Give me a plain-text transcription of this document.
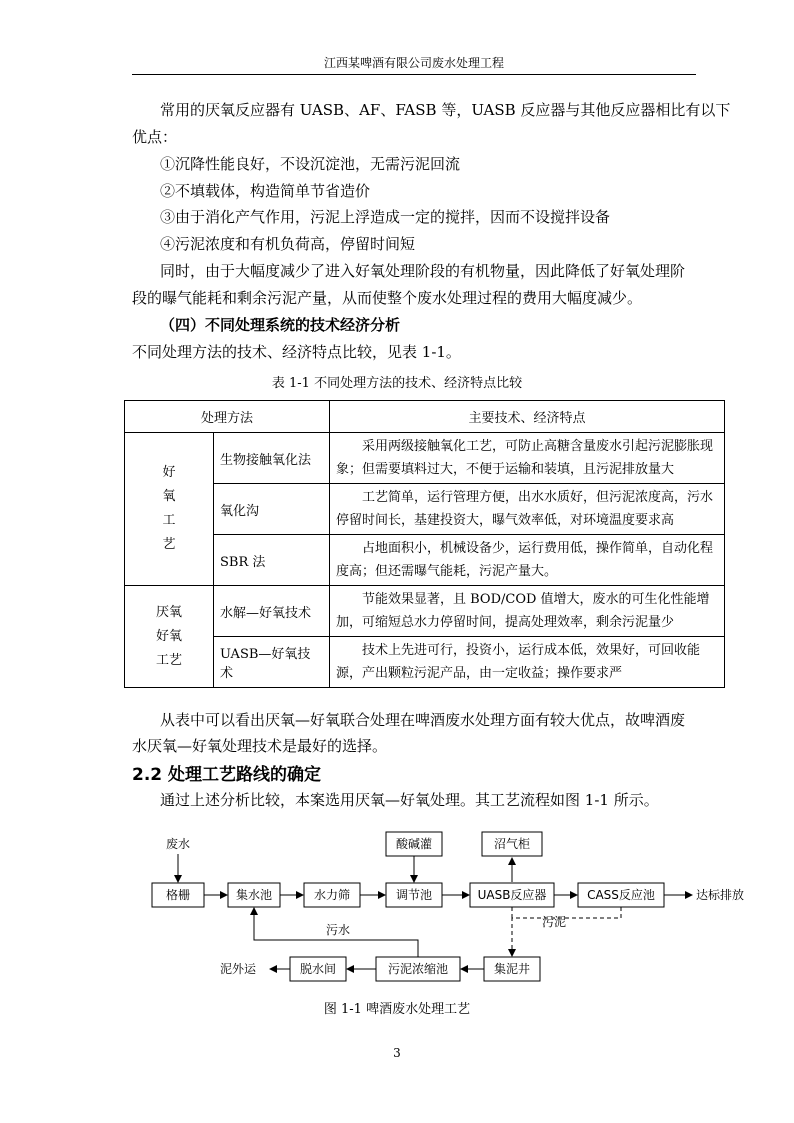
江西某啤酒有限公司废水处理工程
常用的厌氧反应器有 UASB、AF、FASB 等，UASB 反应器与其他反应器相比有以下
优点：
①沉降性能良好，不设沉淀池，无需污泥回流
②不填载体，构造简单节省造价
③由于消化产气作用，污泥上浮造成一定的搅拌，因而不设搅拌设备
④污泥浓度和有机负荷高，停留时间短
同时，由于大幅度减少了进入好氧处理阶段的有机物量，因此降低了好氧处理阶
段的曝气能耗和剩余污泥产量，从而使整个废水处理过程的费用大幅度减少。
（四）不同处理系统的技术经济分析
不同处理方法的技术、经济特点比较，见表 1-1。
表 1-1 不同处理方法的技术、经济特点比较
处理方法		主要技术、经济特点
好氧工艺	生物接触氧化法	采用两级接触氧化工艺，可防止高糖含量废水引起污泥膨胀现象；但需要填料过大，不便于运输和装填，且污泥排放量大
	氧化沟	工艺简单，运行管理方便，出水水质好，但污泥浓度高，污水停留时间长，基建投资大，曝气效率低，对环境温度要求高
	SBR 法	占地面积小，机械设备少，运行费用低，操作简单，自动化程度高；但还需曝气能耗，污泥产量大。
厌氧好氧工艺	水解—好氧技术	节能效果显著，且 BOD/COD 值增大，废水的可生化性能增加，可缩短总水力停留时间，提高处理效率，剩余污泥量少
	UASB—好氧技术	技术上先进可行，投资小，运行成本低，效果好，可回收能源，产出颗粒污泥产品，由一定收益；操作要求严
从表中可以看出厌氧—好氧联合处理在啤酒废水处理方面有较大优点，故啤酒废
水厌氧—好氧处理技术是最好的选择。
2.2 处理工艺路线的确定
通过上述分析比较，本案选用厌氧—好氧处理。其工艺流程如图 1-1 所示。
格栅	集水池	水力筛	调节池	UASB反应器	CASS反应池
酸碱灌	沼气柜
集泥井
污泥浓缩池
脱水间
废水
达标排放
污泥
污水
泥外运
图 1-1 啤酒废水处理工艺
3
